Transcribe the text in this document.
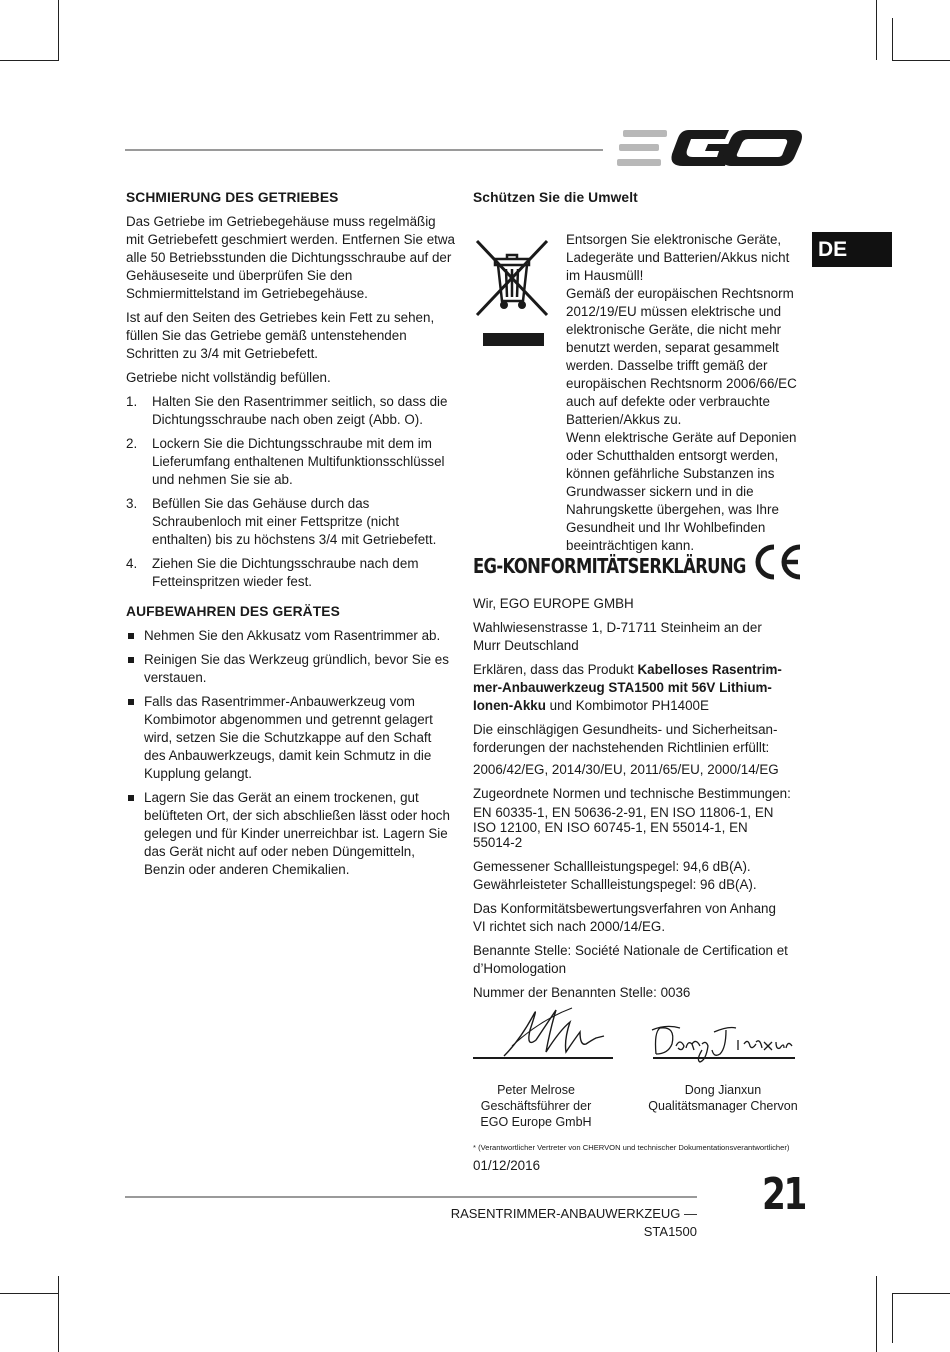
DE
SCHMIERUNG DES GETRIEBES

Das Getriebe im Getriebegehäuse muss regelmäßig mit Getriebefett geschmiert werden. Entfernen Sie etwa alle 50 Betriebsstunden die Dichtungsschraube auf der Gehäuseseite und überprüfen Sie den Schmiermittelstand im Getriebegehäuse.

Ist auf den Seiten des Getriebes kein Fett zu sehen, füllen Sie das Getriebe gemäß untenstehenden Schritten zu 3/4 mit Getriebefett.

Getriebe nicht vollständig befüllen.

1. Halten Sie den Rasentrimmer seitlich, so dass die Dichtungsschraube nach oben zeigt (Abb. O).
2. Lockern Sie die Dichtungsschraube mit dem im Lieferumfang enthaltenen Multifunktionsschlüssel und nehmen Sie sie ab.
3. Befüllen Sie das Gehäuse durch das Schraubenloch mit einer Fettspritze (nicht enthalten) bis zu höchstens 3/4 mit Getriebefett.
4. Ziehen Sie die Dichtungsschraube nach dem Fetteinspritzen wieder fest.
AUFBEWAHREN DES GERÄTES
Nehmen Sie den Akkusatz vom Rasentrimmer ab.
Reinigen Sie das Werkzeug gründlich, bevor Sie es verstauen.
Falls das Rasentrimmer-Anbauwerkzeug vom Kombimotor abgenommen und getrennt gelagert wird, setzen Sie die Schutzkappe auf den Schaft des Anbauwerkzeugs, damit kein Schmutz in die Kupplung gelangt.
Lagern Sie das Gerät an einem trockenen, gut belüfteten Ort, der sich abschließen lässt oder hoch gelegen und für Kinder unerreichbar ist. Lagern Sie das Gerät nicht auf oder neben Düngemitteln, Benzin oder anderen Chemikalien.
Schützen Sie die Umwelt
Entsorgen Sie elektronische Geräte, Ladegeräte und Batterien/Akkus nicht im Hausmüll!
Gemäß der europäischen Rechtsnorm 2012/19/EU müssen elektrische und elektronische Geräte, die nicht mehr benutzt werden, separat gesammelt werden. Dasselbe trifft gemäß der europäischen Rechtsnorm 2006/66/EC auch auf defekte oder verbrauchte Batterien/Akkus zu.
Wenn elektrische Geräte auf Deponien oder Schutthalden entsorgt werden, können gefährliche Substanzen ins Grundwasser sickern und in die Nahrungskette übergehen, was Ihre Gesundheit und Ihr Wohlbefinden beeinträchtigen kann.
EG-KONFORMITÄTSERKLÄRUNG

Wir, EGO EUROPE GMBH

Wahlwiesenstrasse 1, D-71711 Steinheim an der Murr Deutschland

Erklären, dass das Produkt Kabelloses Rasentrimmer-Anbauwerkzeug STA1500 mit 56V Lithium-Ionen-Akku und Kombimotor PH1400E

Die einschlägigen Gesundheits- und Sicherheitsanforderungen der nachstehenden Richtlinien erfüllt:

2006/42/EG, 2014/30/EU, 2011/65/EU, 2000/14/EG

Zugeordnete Normen und technische Bestimmungen:

EN 60335-1, EN 50636-2-91, EN ISO 11806-1, EN ISO 12100, EN ISO 60745-1, EN 55014-1, EN 55014-2

Gemessener Schallleistungspegel: 94,6 dB(A).
Gewährleisteter Schallleistungspegel: 96 dB(A).

Das Konformitätsbewertungsverfahren von Anhang VI richtet sich nach 2000/14/EG.

Benannte Stelle: Société Nationale de Certification et d’Homologation

Nummer der Benannten Stelle: 0036

Peter Melrose
Geschäftsführer der EGO Europe GmbH
Dong Jianxun
Qualitätsmanager Chervon
* (Verantwortlicher Vertreter von CHERVON und technischer Dokumentationsverantwortlicher)
01/12/2016
RASENTRIMMER-ANBAUWERKZEUG — STA1500
21
